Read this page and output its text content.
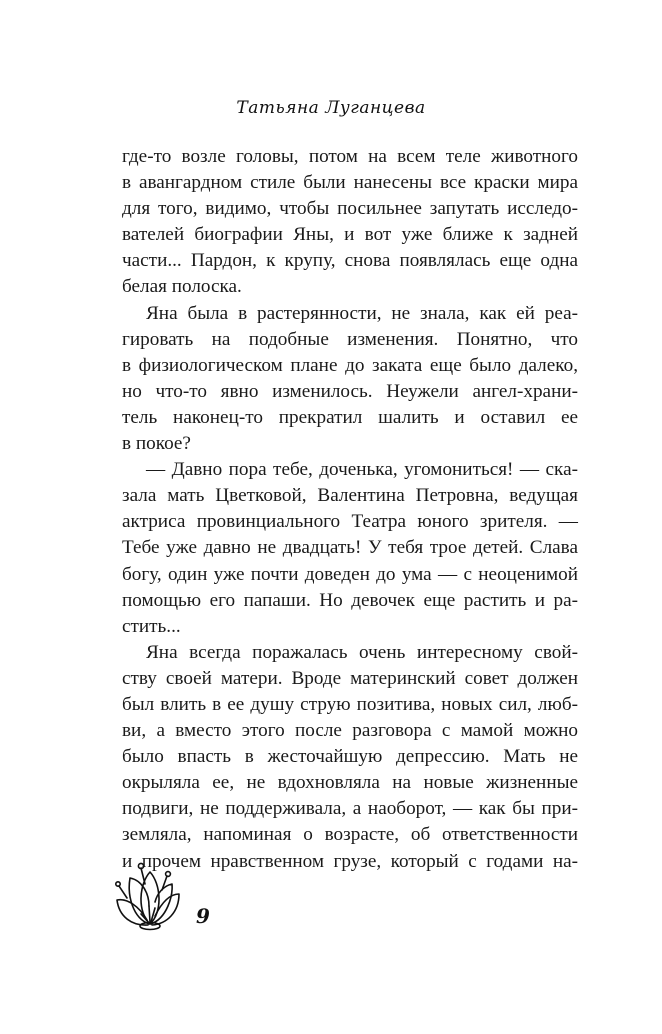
Татьяна Луганцева
где-то возле головы, потом на всем теле животного
в авангардном стиле были нанесены все краски мира
для того, видимо, чтобы посильнее запутать исследо-
вателей биографии Яны, и вот уже ближе к задней
части... Пардон, к крупу, снова появлялась еще одна
белая полоска.
Яна была в растерянности, не знала, как ей реа-
гировать на подобные изменения. Понятно, что
в физиологическом плане до заката еще было далеко,
но что-то явно изменилось. Неужели ангел-храни-
тель наконец-то прекратил шалить и оставил ее
в покое?
— Давно пора тебе, доченька, угомониться! — ска-
зала мать Цветковой, Валентина Петровна, ведущая
актриса провинциального Театра юного зрителя. —
Тебе уже давно не двадцать! У тебя трое детей. Слава
богу, один уже почти доведен до ума — с неоценимой
помощью его папаши. Но девочек еще растить и ра-
стить...
Яна всегда поражалась очень интересному свой-
ству своей матери. Вроде материнский совет должен
был влить в ее душу струю позитива, новых сил, люб-
ви, а вместо этого после разговора с мамой можно
было впасть в жесточайшую депрессию. Мать не
окрыляла ее, не вдохновляла на новые жизненные
подвиги, не поддерживала, а наоборот, — как бы при-
земляла, напоминая о возрасте, об ответственности
и прочем нравственном грузе, который с годами на-
9
